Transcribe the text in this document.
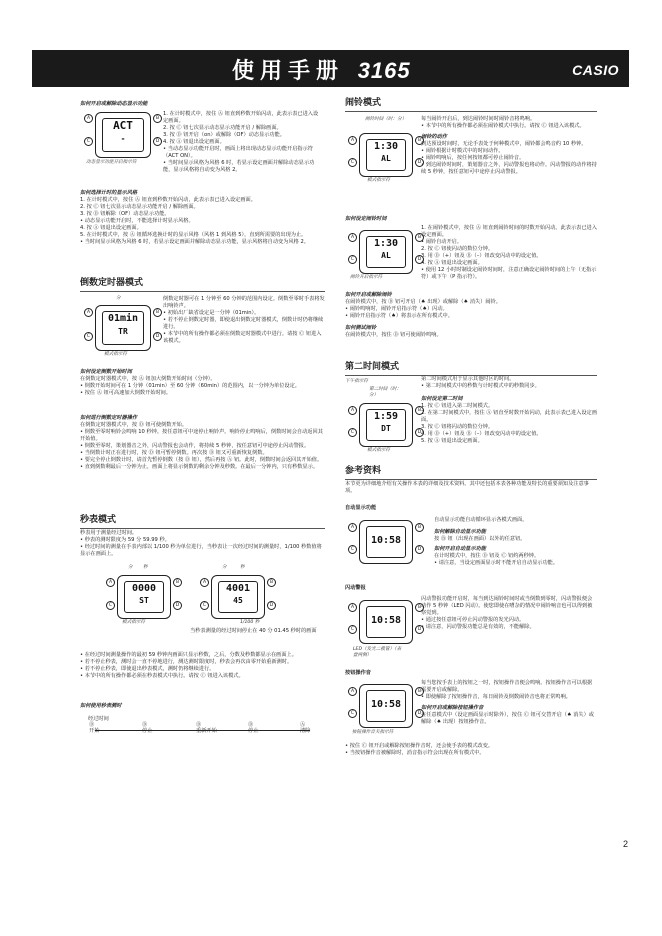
使用手册 3165	CASIO
如何开启或解除动态显示功能
ACT
-
A
C
B
D
动态显示功能开启指示符
1. 在计时模式中，按住 Ⓐ 钮直到秒数开始闪动，此表示表已进入设定画面。
2. 按 Ⓒ 钮七次显示动态显示功能开启 / 解除画面。
3. 按 Ⓓ 钮开启（on）或解除（OF）动态显示功能。
4. 按 Ⓐ 钮退出设定画面。
• 当动态显示功能开启时，画面上将出现动态显示功能开启指示符（ACT ON）。
• 当时间显示风格为风格 6 时，若显示设定画面并解除动态显示功能，显示风格将自动变为风格 2。
如何选择计时的显示风格
1. 在计时模式中，按住 Ⓐ 钮直到秒数开始闪动，此表示表已进入设定画面。
2. 按 Ⓒ 钮七次显示动态显示功能开启 / 解除画面。
3. 按 Ⓓ 钮解除（OF）动态显示功能。
• 动态显示功能开启时，不能选择计时显示风格。
4. 按 Ⓐ 钮退出设定画面。
5. 在计时模式中，按 Ⓐ 钮循环选换计时的显示风格（风格 1 到风格 5），直到所需要的出现为止。
• 当时间显示风格为风格 6 时，若显示设定画面并解除动态显示功能，显示风格将自动变为风格 2。
倒数定时器模式
分
01min
TR
A
C
B
D
模式指示符
倒数定时器可在 1 分钟至 60 分钟的范围内设定。倒数至零时手表将发出响铃声。
• 初始出厂缺省设定是一分钟（01min）。
• 若不停止倒数定时器，即使退出倒数定时器模式，倒数计时仍将继续进行。
• 本节中的所有操作都必须在倒数定时器模式中进行。请按 Ⓒ 钮进入该模式。
如何设定倒数开始时间
在倒数定时器模式中，按 Ⓐ 钮加大倒数开始时间（分钟）。
• 倒数开始时间可在 1 分钟（01min）至 60 分钟（60min）的范围内，以一分钟为单位设定。
• 按住 Ⓐ 钮可高速加大倒数开始时间。
如何进行倒数定时器操作
在倒数定时器模式中，按 Ⓓ 钮可使倒数开始。
• 倒数至零时响铃会鸣响 10 秒钟。按任意钮可中途停止响铃声。响铃停止鸣响后，倒数时间会自动返回其开始值。
• 倒数至零时，策划器音之外，闪动警报也会动作，将持续 5 秒钟，按任意钮可中途停止闪动警报。
• 当倒数计时正在进行时，按 Ⓓ 钮可暂停倒数。再次按 Ⓓ 钮又可重新恢复倒数。
• 要完全停止倒数计时，请首先暂停倒数（按 Ⓓ 钮），然后再按 Ⓐ 钮。此时，倒数时间会返回其开始值。
• 直到倒数剩最后一分钟为止，画面上将显示倒数的剩余分钟及秒数。在最后一分钟内，只有秒数显示。
秒表模式
秒表用于测量经过时间。
• 秒表的测时限度为 59 分 59.99 秒。
• 经过时间的测量在手表内部以 1/100 秒为单位进行，当秒表让一次经过时间的测量时，1/100 秒数值将显示在画面上。
分 秒
0000
ST
A
C
B
D
模式指示符
分	秒
4001
45
A
C
B
D
1/100 秒
当秒表测量的经过时间停止在 40 分 01.45 秒时的画面
• 在经过时间测量操作的最初 59 秒钟内画面只显示秒数，之后，分数及秒数都显示在画面上。
• 若不停止秒表，测时会一直不停地进行，测达测时限度时，秒表会再次由零开始重新测时。
• 若不停止秒表，即使退出秒表模式，测时仍将继续进行。
• 本节中的所有操作都必须在秒表模式中执行。请按 Ⓒ 钮进入该模式。
如何使用秒表测时
经过时间
Ⓓ
开始
Ⓓ
停止
Ⓓ
重新开始
Ⓓ
停止
Ⓐ
清除
闹铃模式
闹铃时间（时：分）
1:30
AL
A
C
B
D
模式指示符
每当闹铃开启后，到达闹铃时间时闹铃音将鸣响。
• 本节中的所有操作都必须在闹铃模式中执行。请按 Ⓒ 钮进入该模式。
闹铃的动作
到达预设时间时，无论手表处于何种模式中，闹铃都会鸣音约 10 秒钟。
• 闹铃根据计时模式中的时间动作。
• 闹铃鸣响后，按任何按钮都可停止闹铃音。
• 到达闹铃时间时，策划器音之外，闪动警报也将动作。闪动警报的动作将持续 5 秒钟，按任意钮可中途停止闪动警报。
如何设定闹铃时间
1:30
AL
A
C
B
D
闹铃开启指示符
1. 在闹铃模式中，按住 Ⓐ 钮直到闹铃时间的时数开始闪动。此表示表已进入设定画面。
• 闹铃自动开启。
2. 按 Ⓒ 钮使闪动的数位分钟。
3. 用 Ⓓ（+）钮及 Ⓑ（–）钮改变闪动中的设定值。
4. 按 Ⓐ 钮退出设定画面。
• 使用 12 小时时制设定闹铃时间时，注意正确设定闹铃时间的上午（无指示符）或下午（P 指示符）。
如何开启或解除闹铃
在闹铃模式中，按 Ⓓ 钮可开启（♠ 出现）或解除（♠ 消失）闹铃。
• 闹铃鸣响时，闹铃开启指示符（♠）闪动。
• 闹铃开启指示符（♠）将表示在所有模式中。
如何测试闹铃
在闹铃模式中，按住 Ⓓ 钮可使闹铃鸣响。
第二时间模式
下午指示符
第二时间（时：分）
1:59
DT
A
C
B
D
模式指示符
第二时间模式用于显示其他时区的时间。
• 第二时间模式中的秒数与计时模式中的秒数同步。
如何设定第二时间
1. 按 Ⓒ 钮进入第二时间模式。
2. 在第二时间模式中，按住 Ⓐ 钮直至时数开始闪动，此表示表已进入设定画面。
3. 按 Ⓒ 钮将闪动的数位分钟。
4. 用 Ⓓ（+）钮及 Ⓑ（–）钮改变闪动中的设定值。
5. 按 Ⓐ 钮退出设定画面。
参考资料
本节更为详细地介绍有关操作本表的详细及技术资料。其中还包括本表各种功能及特长的重要须知及注意事项。
自动显示功能
10:58
A
C
B
D
自动显示功能自动循环显示各模式画面。
如何解除自动显示功能
按 Ⓑ 钮（出现在画面）以外的任意钮。
如何开启自动显示功能
在计时模式中，按住 Ⓓ 钮及 Ⓒ 钮约两秒钟。
• 请注意，当设定画面显示时不能开启自动显示功能。
闪动警报
10:58
A
C
B
D
LED（发光二极管）（表盘两侧）
闪动警报功能开启时，每当到达闹铃时间时或当倒数到零时，闪动警报便会动作 5 秒钟（LED 闪动）。使您即使在嘈杂的情况中闹铃响音也可以得到被察觉到。
• 通过按任意钮可停止闪动警报的发光闪动。
• 请注意，闪动警报功能总是有效的，不能解除。
按钮操作音
10:58
A
C
B
D
按钮操作音关指示符
每当您按手表上的按钮之一时，按钮操作音便会鸣响。按钮操作音可以根据需要开启或解除。
• 即使解除了按钮操作音，每日闹铃及倒数闹铃音也将正常鸣响。
如何开启或解除按钮操作音
在任意模式中（设定画面显示时除外），按住 Ⓒ 钮可交替开启（♠ 消失）或解除（♠ 出现）按钮操作音。
• 按住 Ⓒ 钮开启或解除按钮操作音时，还会使手表的模式改变。
• 当按钮操作音被解除时，消音指示符会出现在所有模式中。
2
